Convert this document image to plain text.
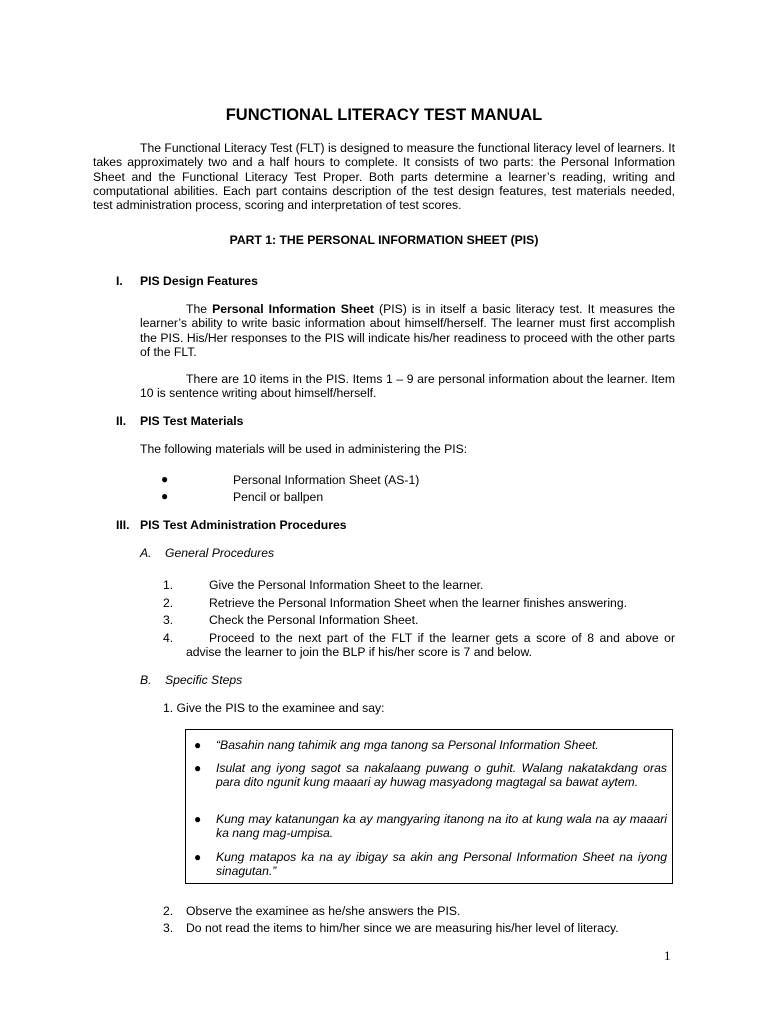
FUNCTIONAL LITERACY TEST MANUAL
The Functional Literacy Test (FLT) is designed to measure the functional literacy level of learners. It takes approximately two and a half hours to complete. It consists of two parts: the Personal Information Sheet and the Functional Literacy Test Proper. Both parts determine a learner’s reading, writing and computational abilities. Each part contains description of the test design features, test materials needed, test administration process, scoring and interpretation of test scores.
PART 1: THE PERSONAL INFORMATION SHEET (PIS)
I. PIS Design Features
The Personal Information Sheet (PIS) is in itself a basic literacy test. It measures the learner’s ability to write basic information about himself/herself. The learner must first accomplish the PIS. His/Her responses to the PIS will indicate his/her readiness to proceed with the other parts of the FLT.
There are 10 items in the PIS. Items 1 – 9 are personal information about the learner. Item 10 is sentence writing about himself/herself.
II. PIS Test Materials
The following materials will be used in administering the PIS:
●	Personal Information Sheet (AS-1)
●	Pencil or ballpen
III. PIS Test Administration Procedures
A. General Procedures
1.	Give the Personal Information Sheet to the learner.
2.	Retrieve the Personal Information Sheet when the learner finishes answering.
3.	Check the Personal Information Sheet.
4.	Proceed to the next part of the FLT if the learner gets a score of 8 and above or
advise the learner to join the BLP if his/her score is 7 and below.
B. Specific Steps
1. Give the PIS to the examinee and say:
● “Basahin nang tahimik ang mga tanong sa Personal Information Sheet.
● Isulat ang iyong sagot sa nakalaang puwang o guhit. Walang nakatakdang oras para dito ngunit kung maaari ay huwag masyadong magtagal sa bawat aytem.
● Kung may katanungan ka ay mangyaring itanong na ito at kung wala na ay maaari ka nang mag-umpisa.
● Kung matapos ka na ay ibigay sa akin ang Personal Information Sheet na iyong sinagutan.”
2. Observe the examinee as he/she answers the PIS.
3. Do not read the items to him/her since we are measuring his/her level of literacy.
1
